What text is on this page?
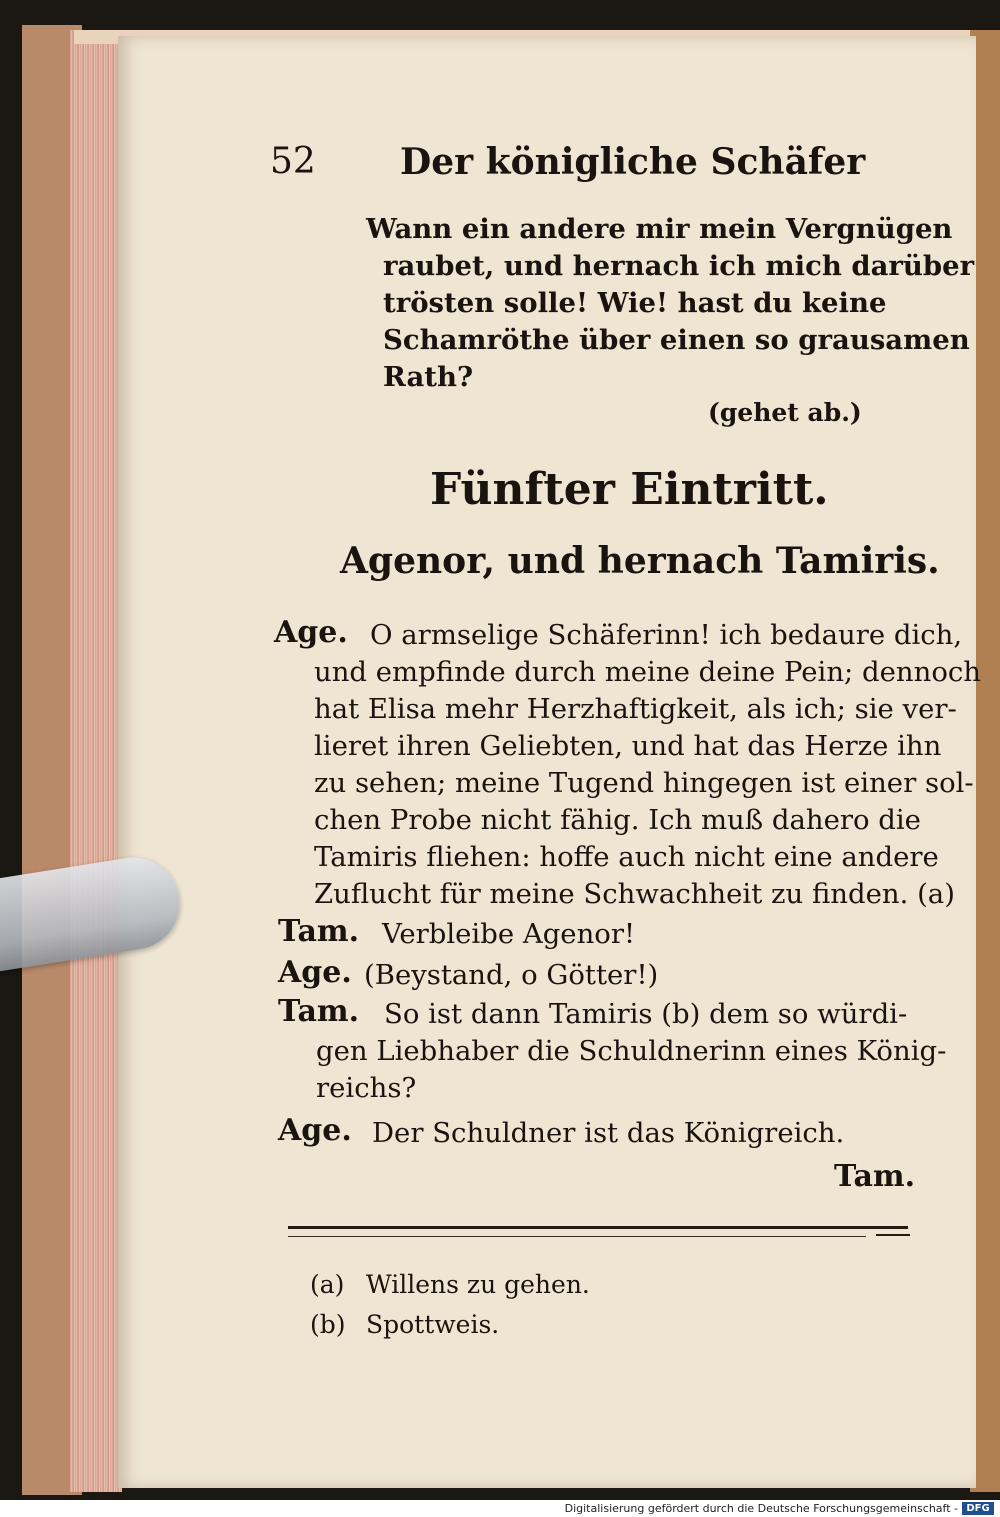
52 Der königliche Schäfer
Wann ein andere mir mein Vergnügen
raubet, und hernach ich mich darüber
trösten solle! Wie! hast du keine
Schamröthe über einen so grausamen
Rath?
(gehet ab.)
Fünfter Eintritt.
Agenor, und hernach Tamiris.
Age. O armselige Schäferinn! ich bedaure dich,
und empfinde durch meine deine Pein; dennoch
hat Elisa mehr Herzhaftigkeit, als ich; sie ver-
lieret ihren Geliebten, und hat das Herze ihn
zu sehen; meine Tugend hingegen ist einer sol-
chen Probe nicht fähig. Ich muß dahero die
Tamiris fliehen: hoffe auch nicht eine andere
Zuflucht für meine Schwachheit zu finden. (a)
Tam. Verbleibe Agenor!
Age. (Beystand, o Götter!)
Tam. So ist dann Tamiris (b) dem so würdi-
gen Liebhaber die Schuldnerinn eines König-
reichs?
Age. Der Schuldner ist das Königreich.
Tam.
(a) Willens zu gehen.
(b) Spottweis.
Digitalisierung gefördert durch die Deutsche Forschungsgemeinschaft - DFG
